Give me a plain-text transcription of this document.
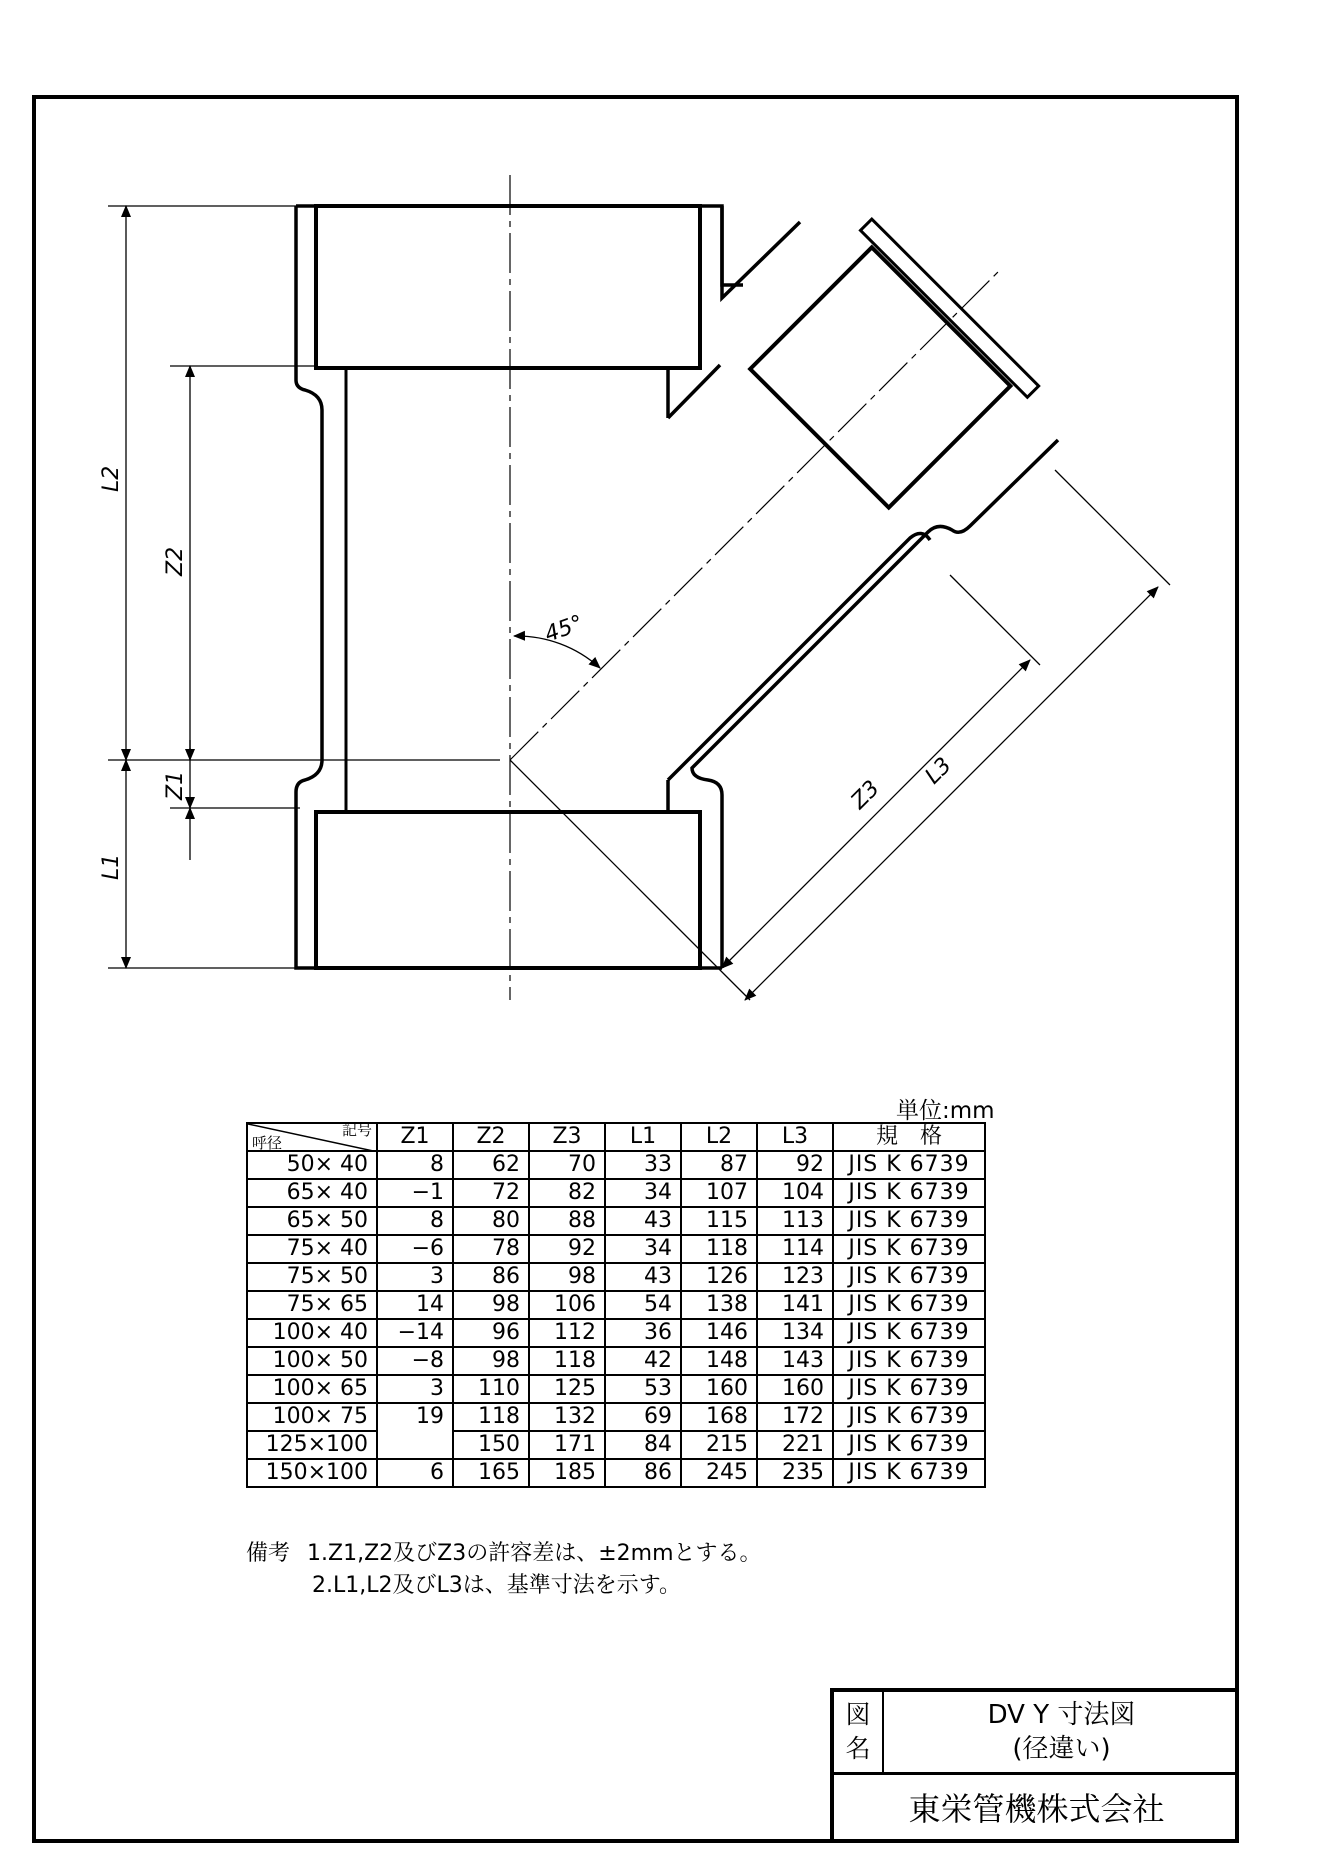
L2
Z2
Z1
L1
Z3
L3
45°
単位:mm
記号
呼径	Z1	Z2	Z3	L1	L2	L3	規　格
50× 40	8	62	70	33	87	92	JIS K 6739
65× 40	−1	72	82	34	107	104	JIS K 6739
65× 50	8	80	88	43	115	113	JIS K 6739
75× 40	−6	78	92	34	118	114	JIS K 6739
75× 50	3	86	98	43	126	123	JIS K 6739
75× 65	14	98	106	54	138	141	JIS K 6739
100× 40	−14	96	112	36	146	134	JIS K 6739
100× 50	−8	98	118	42	148	143	JIS K 6739
100× 65	3	110	125	53	160	160	JIS K 6739
100× 75	19	118	132	69	168	172	JIS K 6739
125×100		150	171	84	215	221	JIS K 6739
150×100	6	165	185	86	245	235	JIS K 6739
備考 1.Z1,Z2及びZ3の許容差は、±2mmとする。
2.L1,L2及びL3は、基準寸法を示す。
図
名
DV Y 寸法図
(径違い)
東栄管機株式会社
